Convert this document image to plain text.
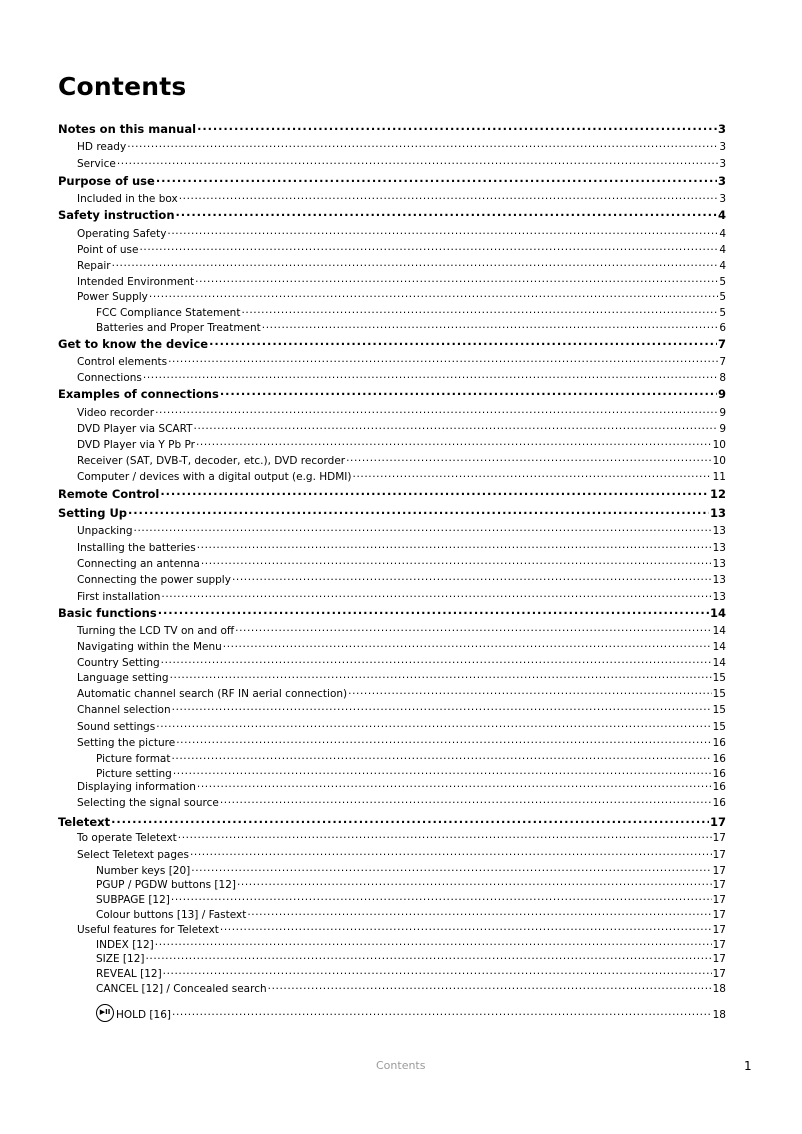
Contents
Notes on this manual .....	3
HD ready .....	3
Service .....	3
Purpose of use .....	3
Included in the box .....	3
Safety instruction .....	4
Operating Safety .....	4
Point of use .....	4
Repair .....	4
Intended Environment .....	5
Power Supply .....	5
FCC Compliance Statement .....	5
Batteries and Proper Treatment .....	6
Get to know the device .....	7
Control elements .....	7
Connections .....	8
Examples of connections .....	9
Video recorder .....	9
DVD Player via SCART .....	9
DVD Player via Y Pb Pr .....	10
Receiver (SAT, DVB-T, decoder, etc.), DVD recorder .....	10
Computer / devices with a digital output (e.g. HDMI) .....	11
Remote Control .....	12
Setting Up .....	13
Unpacking .....	13
Installing the batteries .....	13
Connecting an antenna .....	13
Connecting the power supply .....	13
First installation .....	13
Basic functions .....	14
Turning the LCD TV on and off .....	14
Navigating within the Menu .....	14
Country Setting .....	14
Language setting .....	15
Automatic channel search (RF IN aerial connection) .....	15
Channel selection .....	15
Sound settings .....	15
Setting the picture .....	16
Picture format .....	16
Picture setting .....	16
Displaying information .....	16
Selecting the signal source .....	16
Teletext .....	17
To operate Teletext .....	17
Select Teletext pages .....	17
Number keys [20] .....	17
PGUP / PGDW buttons [12] .....	17
SUBPAGE [12] .....	17
Colour buttons [13] / Fastext .....	17
Useful features for Teletext .....	17
INDEX [12] .....	17
SIZE [12] .....	17
REVEAL [12] .....	17
CANCEL [12] / Concealed search .....	18
▶II HOLD [16] .....	18
Contents	1
